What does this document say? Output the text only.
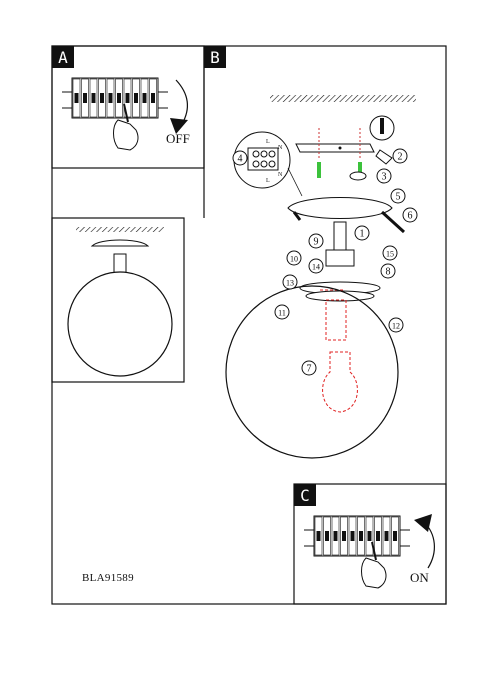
A
OFF
B
N
L
N
L
1
2
3
4
5
6
7
8
9
10
11
12
13
14
15
C
ON
BLA91589
